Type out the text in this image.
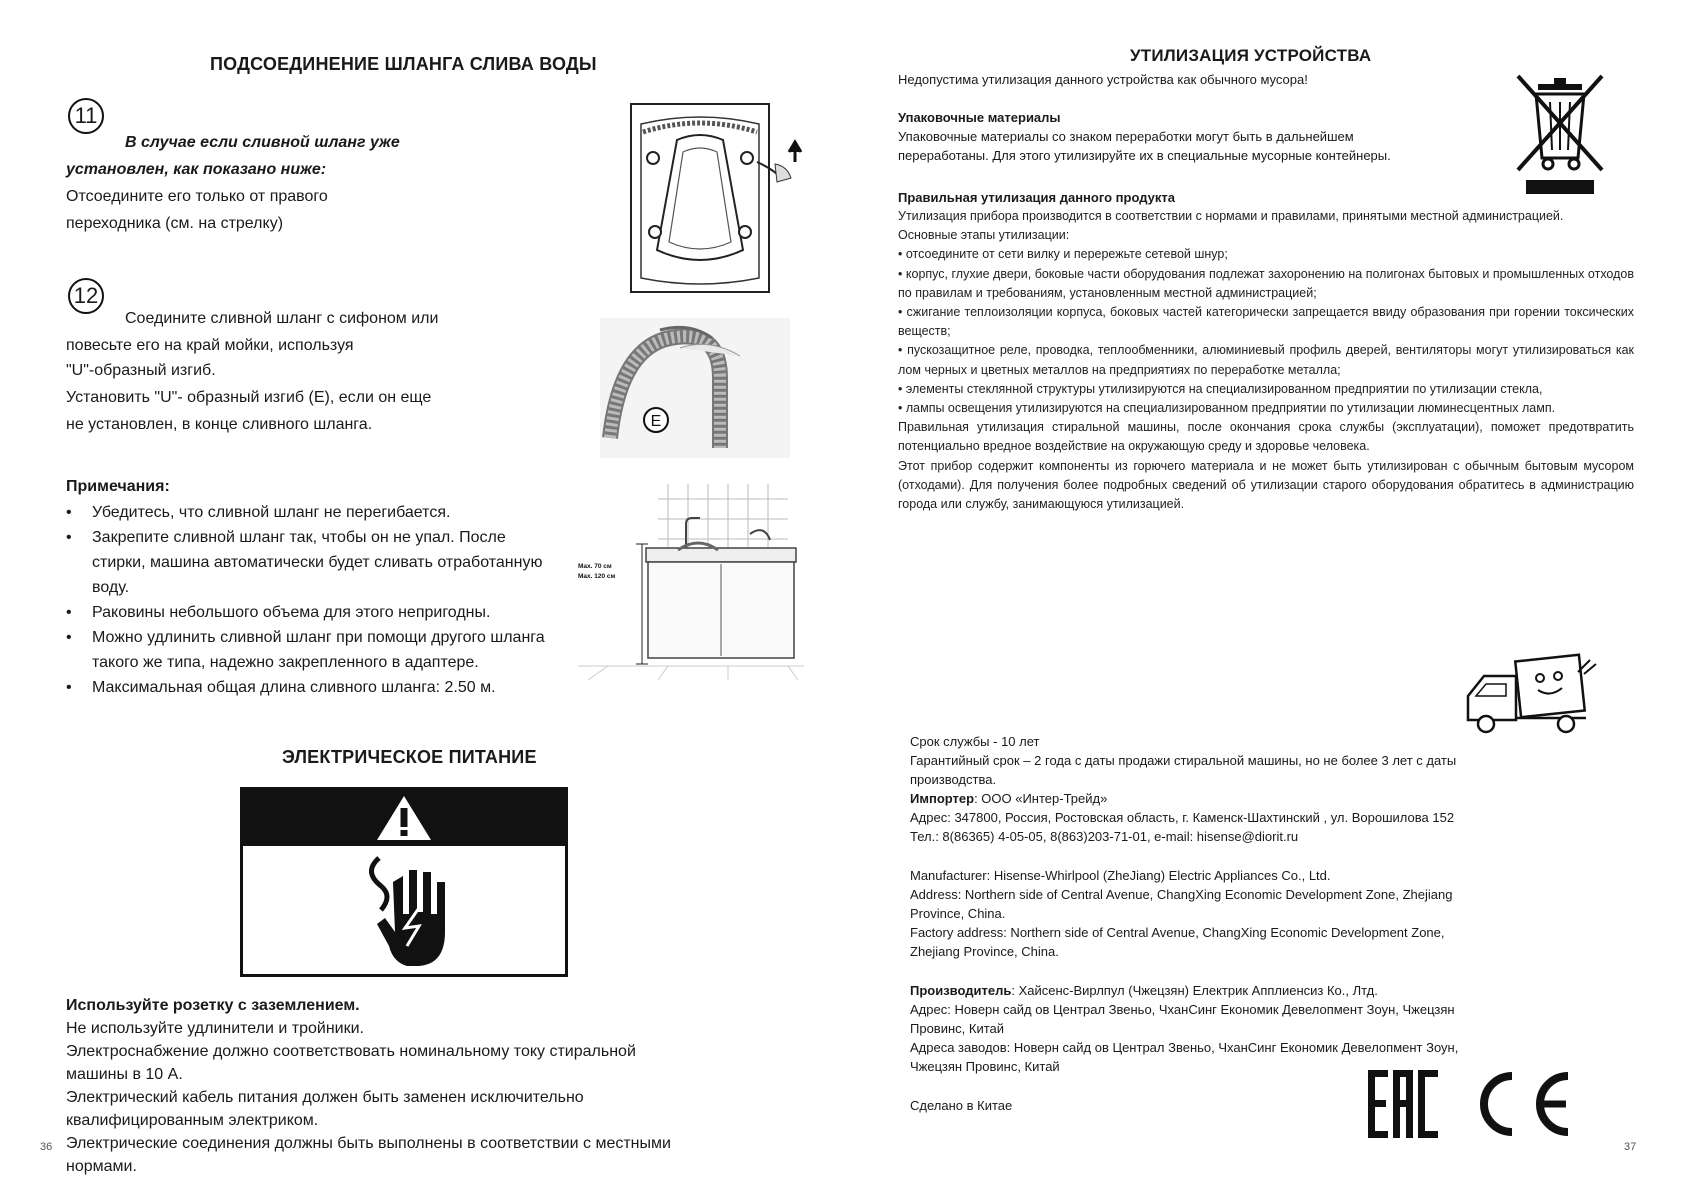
ПОДСОЕДИНЕНИЕ ШЛАНГА СЛИВА ВОДЫ
11
В случае если сливной шланг уже
установлен, как показано ниже:
Отсоедините его только от правого
переходника (см. на стрелку)
12
Соедините сливной шланг с сифоном или
повесьте его на край мойки, используя
"U"-образный изгиб.
Установить "U"- образный изгиб (E), если он еще
не установлен, в конце сливного шланга.	E
Примечания:
• Убедитесь, что сливной шланг не перегибается.
• Закрепите сливной шланг так, чтобы он не упал. После стирки, машина автоматически будет сливать отработанную воду.
• Раковины небольшого объема для этого непригодны.
• Можно удлинить сливной шланг при помощи другого шланга такого же типа, надежно закрепленного в адаптере.
• Максимальная общая длина сливного шланга: 2.50 м.
Max. 70 см
Max. 120 см
ЭЛЕКТРИЧЕСКОЕ ПИТАНИЕ
Используйте розетку с заземлением.
Не используйте удлинители и тройники.
Электроснабжение должно соответствовать номинальному току стиральной
машины в 10 А.
Электрический кабель питания должен быть заменен исключительно
квалифицированным электриком.
Электрические соединения должны быть выполнены в соответствии с местными
нормами.
36
УТИЛИЗАЦИЯ УСТРОЙСТВА
Недопустима утилизация данного устройства как обычного мусора!
Упаковочные материалы
Упаковочные материалы со знаком переработки могут быть в дальнейшем
переработаны. Для этого утилизируйте их в специальные мусорные контейнеры.
Правильная утилизация данного продукта

Утилизация прибора производится в соответствии с нормами и правилами, принятыми местной администрацией.

Основные этапы утилизации:

• отсоедините от сети вилку и перережьте сетевой шнур;

• корпус, глухие двери, боковые части оборудования подлежат захоронению на полигонах бытовых и промышленных отходов по правилам и требованиям, установленным местной администрацией;

• сжигание теплоизоляции корпуса, боковых частей категорически запрещается ввиду образования при горении токсических веществ;

• пускозащитное реле, проводка, теплообменники, алюминиевый профиль дверей, вентиляторы могут утилизироваться как лом черных и цветных металлов на предприятиях по переработке металла;

• элементы стеклянной структуры утилизируются на специализированном предприятии по утилизации стекла,

• лампы освещения утилизируются на специализированном предприятии по утилизации люминесцентных ламп.

Правильная утилизация стиральной машины, после окончания срока службы (эксплуатации), поможет предотвратить потенциально вредное воздействие на окружающую среду и здоровье человека.

Этот прибор содержит компоненты из горючего материала и не может быть утилизирован с обычным бытовым мусором (отходами). Для получения более подробных сведений об утилизации старого оборудования обратитесь в администрацию города или службу, занимающуюся утилизацией.

Срок службы - 10 лет
Гарантийный срок – 2 года с даты продажи стиральной машины, но не более 3 лет с даты
производства.
Импортер: ООО «Интер-Трейд»
Адрес: 347800, Россия, Ростовская область, г. Каменск-Шахтинский , ул. Ворошилова 152
Тел.: 8(86365) 4-05-05, 8(863)203-71-01, e-mail: hisense@diorit.ru
Manufacturer: Hisense-Whirlpool (ZheJiang) Electric Appliances Co., Ltd.
Address: Northern side of Central Avenue, ChangXing Economic Development Zone, Zhejiang
Province, China.
Factory address: Northern side of Central Avenue, ChangXing Economic Development Zone,
Zhejiang Province, China.
Производитель: Хайсенс-Вирлпул (Чжецзян) Електрик Апплиенсиз Ко., Лтд.
Адрес: Новерн сайд ов Централ Звеньо, ЧханСинг Економик Девелопмент Зоун, Чжецзян
Провинс, Китай
Адреса заводов: Новерн сайд ов Централ Звеньо, ЧханСинг Економик Девелопмент Зоун,
Чжецзян Провинс, Китай
Сделано в Китае
37
